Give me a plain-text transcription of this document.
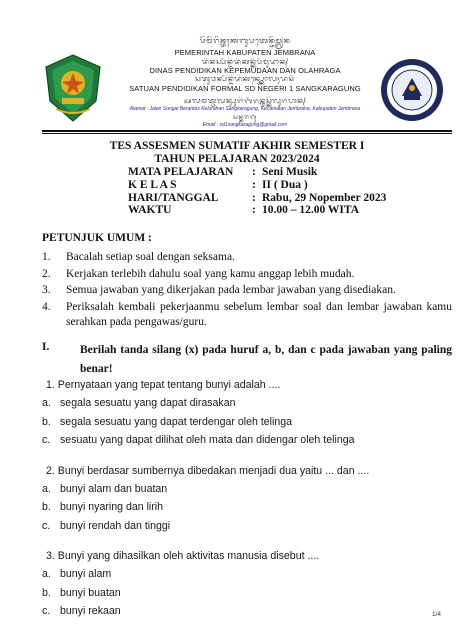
ᬧᭂᬫᭂᬭᬶᬦ᭄ᬢᬄᬓᬩᬸᬧᬢᬾᬦ᭄ᬚᭂᬫ᭄ᬩ᭄ᬭᬦ
PEMERINTAH KABUPATEN JEMBRANA
ᬤᬶᬦᬲ᭄ᬧᭂᬦ᭄ᬤᬶᬤᬶᬓᬦ᭄ᬓᭂᬧᭂᬫᬸᬤᬵᬦ᭄
DINAS PENDIDIKAN KEPEMUDAAN DAN OLAHRAGA
ᬲᬢᬸᬯᬦ᭄ᬧᭂᬦ᭄ᬤᬶᬤᬶᬓᬦ᭄ᬲ᭄ᬓᭀᬮᬄᬤᬲᬃ
SATUAN PENDIDIKAN FORMAL SD NEGERI 1 SANGKARAGUNG
ᬅᬮᬫᬢ᭄ᬚᬮᬦ᭄ᬲᬸᬗᬶᬩᭂᬭᬦ᭄ᬢᬲ᭄ᬓᭂᬮᬸᬭᬳᬦ᭄
Alamat : Jalan Sungai Berantas Kelurahan Sangkaragung, Kecamatan Jembrana, Kabupaten Jembrana
ᬲᬦ᭄ᬓᬭᬕᬸᬂ
Email : sd1sangkaragung@gmail.com
TES ASSESMEN SUMATIF AKHIR SEMESTER I
TAHUN PELAJARAN 2023/2024
MATA PELAJARAN : Seni Musik
K E L A S	: II ( Dua )
HARI/TANGGAL	: Rabu, 29 Nopember 2023
WAKTU	: 10.00 – 12.00 WITA
PETUNJUK UMUM :
1. Bacalah setiap soal dengan seksama.
2. Kerjakan terlebih dahulu soal yang kamu anggap lebih mudah.
3. Semua jawaban yang dikerjakan pada lembar jawaban yang disediakan.
4. Periksalah kembali pekerjaanmu sebelum lembar soal dan lembar jawaban kamu serahkan pada pengawas/guru.
I.	Berilah tanda silang (x) pada huruf a, b, dan c pada jawaban yang paling benar!
1. Pernyataan yang tepat tentang bunyi adalah ....
a. segala sesuatu yang dapat dirasakan
b. segala sesuatu yang dapat terdengar oleh telinga
c. sesuatu yang dapat dilihat oleh mata dan didengar oleh telinga
2. Bunyi berdasar sumbernya dibedakan menjadi dua yaitu ... dan ....
a. bunyi alam dan buatan
b. bunyi nyaring dan lirih
c. bunyi rendah dan tinggi
3. Bunyi yang dihasilkan oleh aktivitas manusia disebut ....
a. bunyi alam
b. bunyi buatan
c. bunyi rekaan	1/4
